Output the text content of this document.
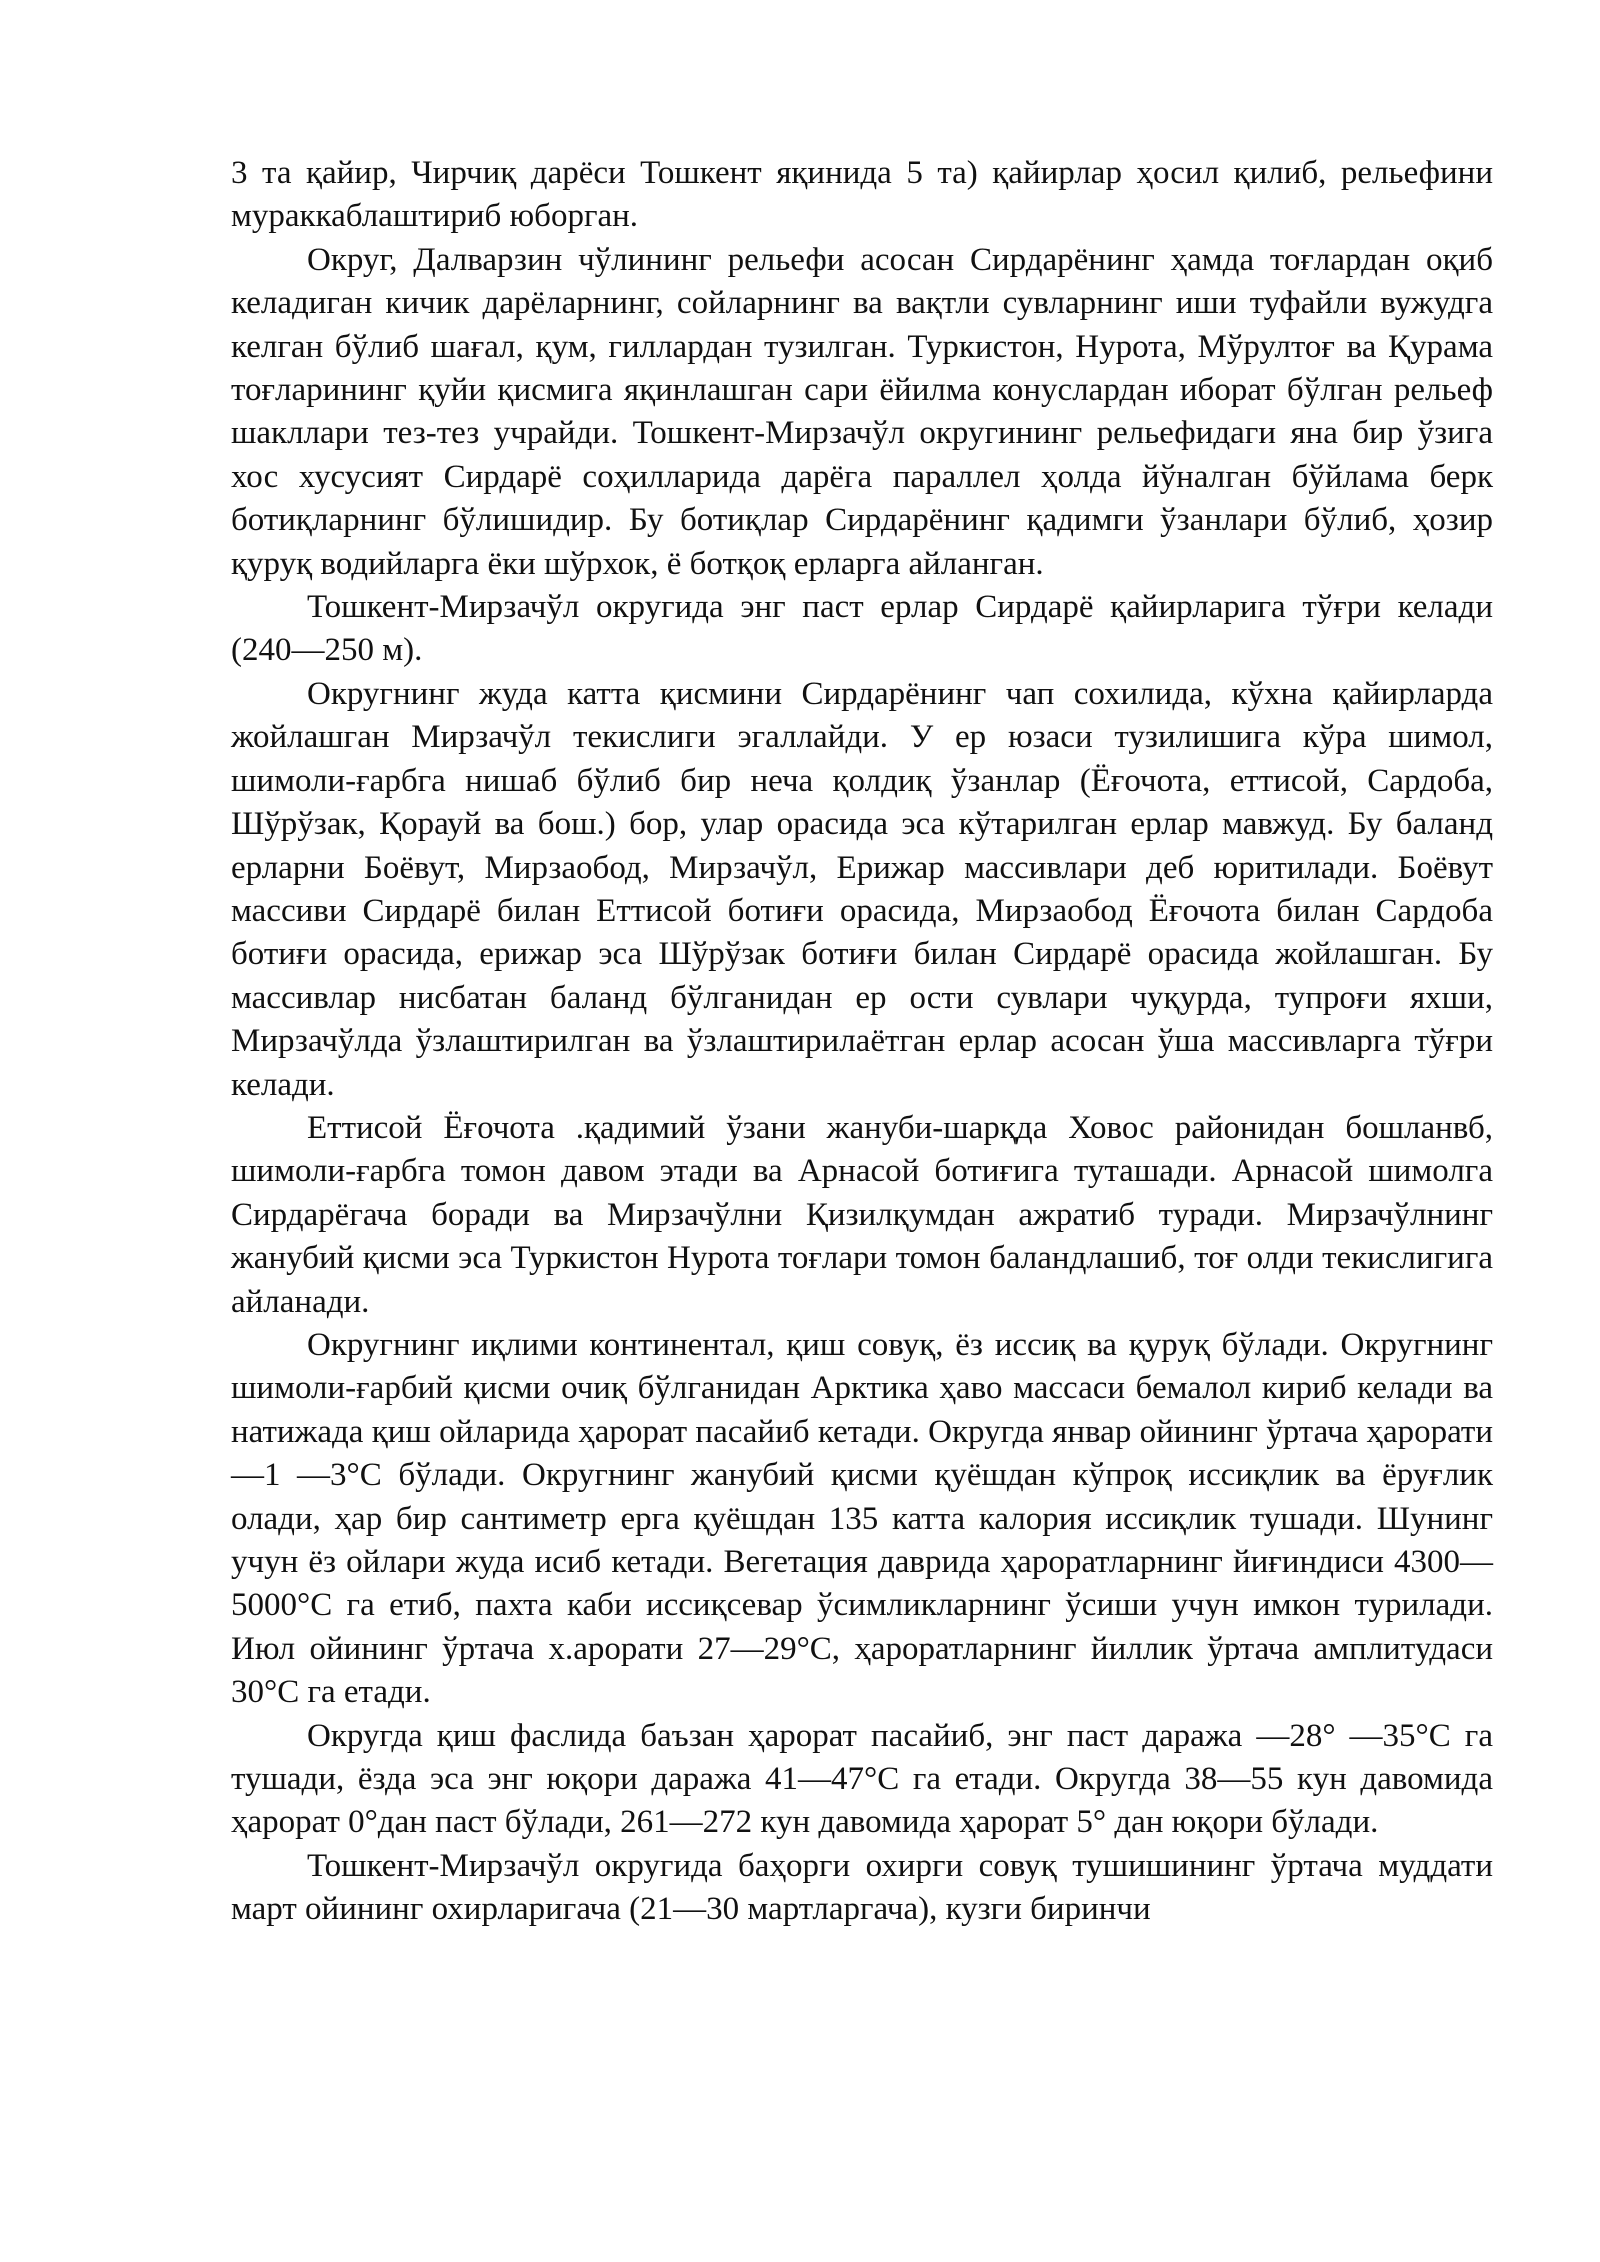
3 та қайир, Чирчиқ дарёси Тошкент яқинида 5 та) қайирлар ҳосил қилиб, рельефини мураккаблаштириб юборган.

Округ, Далварзин чўлининг рельефи асосан Сирдарёнинг ҳамда тоғлардан оқиб келадиган кичик дарёларнинг, сойларнинг ва вақтли сувларнинг иши туфайли вужудга келган бўлиб шағал, қум, гиллардан тузилган. Туркистон, Нурота, Мўрултоғ ва Қурама тоғларининг қуйи қисмига яқинлашган сари ёйилма конуслардан иборат бўлган рельеф шакллари тез-тез учрайди. Тошкент-Мирзачўл округининг рельефидаги яна бир ўзига хос хусусият Сирдарё соҳилларида дарёга параллел ҳолда йўналган бўйлама берк ботиқларнинг бўлишидир. Бу ботиқлар Сирдарёнинг қадимги ўзанлари бўлиб, ҳозир қуруқ водийларга ёки шўрхок, ё ботқоқ ерларга айланган.

Тошкент-Мирзачўл округида энг паст ерлар Сирдарё қайирларига тўғри келади (240—250 м).

Округнинг жуда катта қисмини Сирдарёнинг чап сохилида, кўхна қайирларда жойлашган Мирзачўл текислиги эгаллайди. У ер юзаси тузилишига кўра шимол, шимоли-ғарбга нишаб бўлиб бир неча қолдиқ ўзанлар (Ёғочота, еттисой, Сардоба, Шўрўзак, Қорауй ва бош.) бор, улар орасида эса кўтарилган ерлар мавжуд. Бу баланд ерларни Боёвут, Мирзаобод, Мирзачўл, Ерижар массивлари деб юритилади. Боёвут массиви Сирдарё билан Еттисой ботиғи орасида, Мирзаобод Ёғочота билан Сардоба ботиғи орасида, ерижар эса Шўрўзак ботиғи билан Сирдарё орасида жойлашган. Бу массивлар нисбатан баланд бўлганидан ер ости сувлари чуқурда, тупроғи яхши, Мирзачўлда ўзлаштирилган ва ўзлаштирилаётган ерлар асосан ўша массивларга тўғри келади.

Еттисой Ёғочота .қадимий ўзани жануби-шарқда Ховос районидан бошланвб, шимоли-ғарбга томон давом этади ва Арнасой ботиғига туташади. Арнасой шимолга Сирдарёгача боради ва Мирзачўлни Қизилқумдан ажратиб туради. Мирзачўлнинг жанубий қисми эса Туркистон Нурота тоғлари томон баландлашиб, тоғ олди текислигига айланади.

Округнинг иқлими континентал, қиш совуқ, ёз иссиқ ва қуруқ бўлади. Округнинг шимоли-ғарбий қисми очиқ бўлганидан Арктика ҳаво массаси бемалол кириб келади ва натижада қиш ойларида ҳарорат пасайиб кетади. Округда январ ойининг ўртача ҳарорати —1 —3°С бўлади. Округнинг жанубий қисми қуёшдан кўпроқ иссиқлик ва ёруғлик олади, ҳар бир сантиметр ерга қуёшдан 135 катта калория иссиқлик тушади. Шунинг учун ёз ойлари жуда исиб кетади. Вегетация даврида ҳароратларнинг йиғиндиси 4300—5000°С га етиб, пахта каби иссиқсевар ўсимликларнинг ўсиши учун имкон турилади. Июл ойининг ўртача х.арорати 27—29°С, ҳароратларнинг йиллик ўртача амплитудаси 30°С га етади.

Округда қиш фаслида баъзан ҳарорат пасайиб, энг паст даража —28° —35°С га тушади, ёзда эса энг юқори даража 41—47°С га етади. Округда 38—55 кун давомида ҳарорат 0°дан паст бўлади, 261—272 кун давомида ҳарорат 5° дан юқори бўлади.

Тошкент-Мирзачўл округида баҳорги охирги совуқ тушишининг ўртача муддати март ойининг охирларигача (21—30 мартларгача), кузги биринчи
